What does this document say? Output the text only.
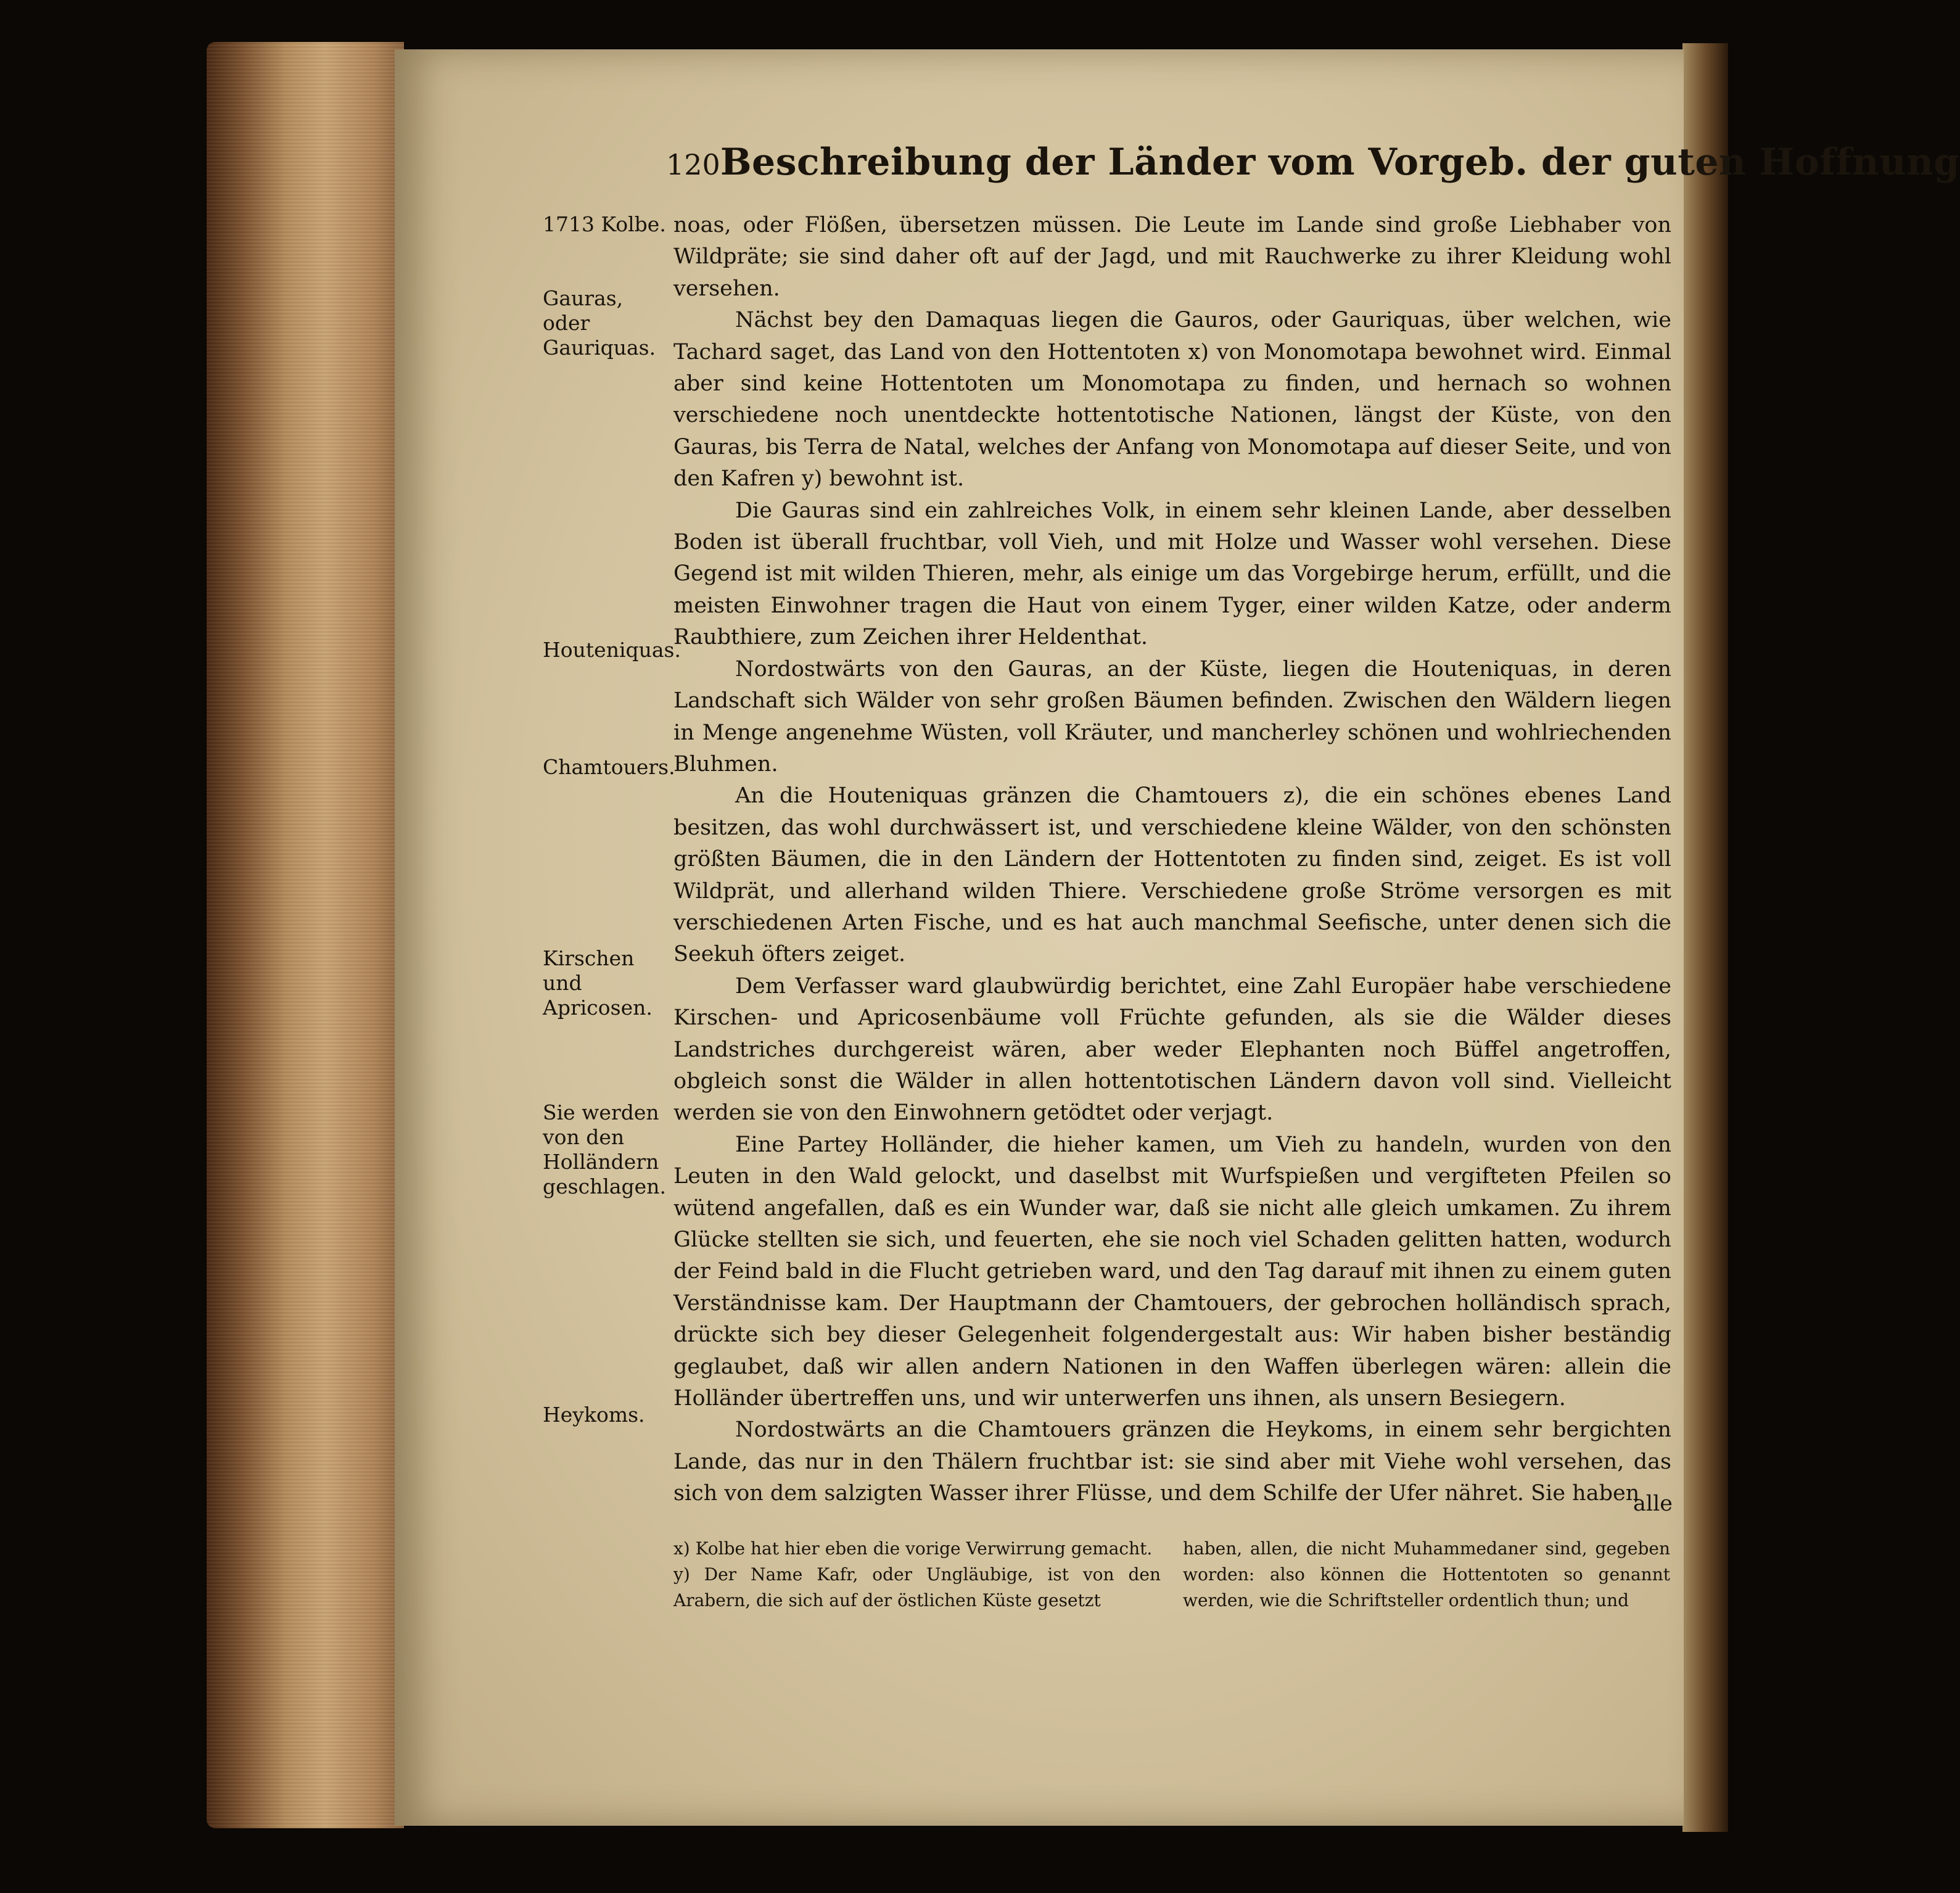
120 Beschreibung der Länder vom Vorgeb. der guten Hoffnung
1713 Kolbe.
Gauras, oder Gauriquas.
Houteniquas.
Chamtouers.
Kirschen und Apricosen.
Sie werden von den Holländern geschlagen.
Heykoms.

noas, oder Flößen, übersetzen müssen. Die Leute im Lande sind große Liebhaber von Wildpräte; sie sind daher oft auf der Jagd, und mit Rauchwerke zu ihrer Kleidung wohl versehen.

Nächst bey den Damaquas liegen die Gauros, oder Gauriquas, über welchen, wie Tachard saget, das Land von den Hottentoten x) von Monomotapa bewohnet wird. Einmal aber sind keine Hottentoten um Monomotapa zu finden, und hernach so wohnen verschiedene noch unentdeckte hottentotische Nationen, längst der Küste, von den Gauras, bis Terra de Natal, welches der Anfang von Monomotapa auf dieser Seite, und von den Kafren y) bewohnt ist.

Die Gauras sind ein zahlreiches Volk, in einem sehr kleinen Lande, aber desselben Boden ist überall fruchtbar, voll Vieh, und mit Holze und Wasser wohl versehen. Diese Gegend ist mit wilden Thieren, mehr, als einige um das Vorgebirge herum, erfüllt, und die meisten Einwohner tragen die Haut von einem Tyger, einer wilden Katze, oder anderm Raubthiere, zum Zeichen ihrer Heldenthat.

Nordostwärts von den Gauras, an der Küste, liegen die Houteniquas, in deren Landschaft sich Wälder von sehr großen Bäumen befinden. Zwischen den Wäldern liegen in Menge angenehme Wüsten, voll Kräuter, und mancherley schönen und wohlriechenden Bluhmen.

An die Houteniquas gränzen die Chamtouers z), die ein schönes ebenes Land besitzen, das wohl durchwässert ist, und verschiedene kleine Wälder, von den schönsten größten Bäumen, die in den Ländern der Hottentoten zu finden sind, zeiget. Es ist voll Wildprät, und allerhand wilden Thiere. Verschiedene große Ströme versorgen es mit verschiedenen Arten Fische, und es hat auch manchmal Seefische, unter denen sich die Seekuh öfters zeiget.

Dem Verfasser ward glaubwürdig berichtet, eine Zahl Europäer habe verschiedene Kirschen- und Apricosenbäume voll Früchte gefunden, als sie die Wälder dieses Landstriches durchgereist wären, aber weder Elephanten noch Büffel angetroffen, obgleich sonst die Wälder in allen hottentotischen Ländern davon voll sind. Vielleicht werden sie von den Einwohnern getödtet oder verjagt.

Eine Partey Holländer, die hieher kamen, um Vieh zu handeln, wurden von den Leuten in den Wald gelockt, und daselbst mit Wurfspießen und vergifteten Pfeilen so wütend angefallen, daß es ein Wunder war, daß sie nicht alle gleich umkamen. Zu ihrem Glücke stellten sie sich, und feuerten, ehe sie noch viel Schaden gelitten hatten, wodurch der Feind bald in die Flucht getrieben ward, und den Tag darauf mit ihnen zu einem guten Verständnisse kam. Der Hauptmann der Chamtouers, der gebrochen holländisch sprach, drückte sich bey dieser Gelegenheit folgendergestalt aus: Wir haben bisher beständig geglaubet, daß wir allen andern Nationen in den Waffen überlegen wären: allein die Holländer übertreffen uns, und wir unterwerfen uns ihnen, als unsern Besiegern.

Nordostwärts an die Chamtouers gränzen die Heykoms, in einem sehr bergichten Lande, das nur in den Thälern fruchtbar ist: sie sind aber mit Viehe wohl versehen, das sich von dem salzigten Wasser ihrer Flüsse, und dem Schilfe der Ufer nähret. Sie haben

alle

x) Kolbe hat hier eben die vorige Verwirrung gemacht.

y) Der Name Kafr, oder Ungläubige, ist von den Arabern, die sich auf der östlichen Küste gesetzt

haben, allen, die nicht Muhammedaner sind, gegeben worden: also können die Hottentoten so genannt werden, wie die Schriftsteller ordentlich thun; und
